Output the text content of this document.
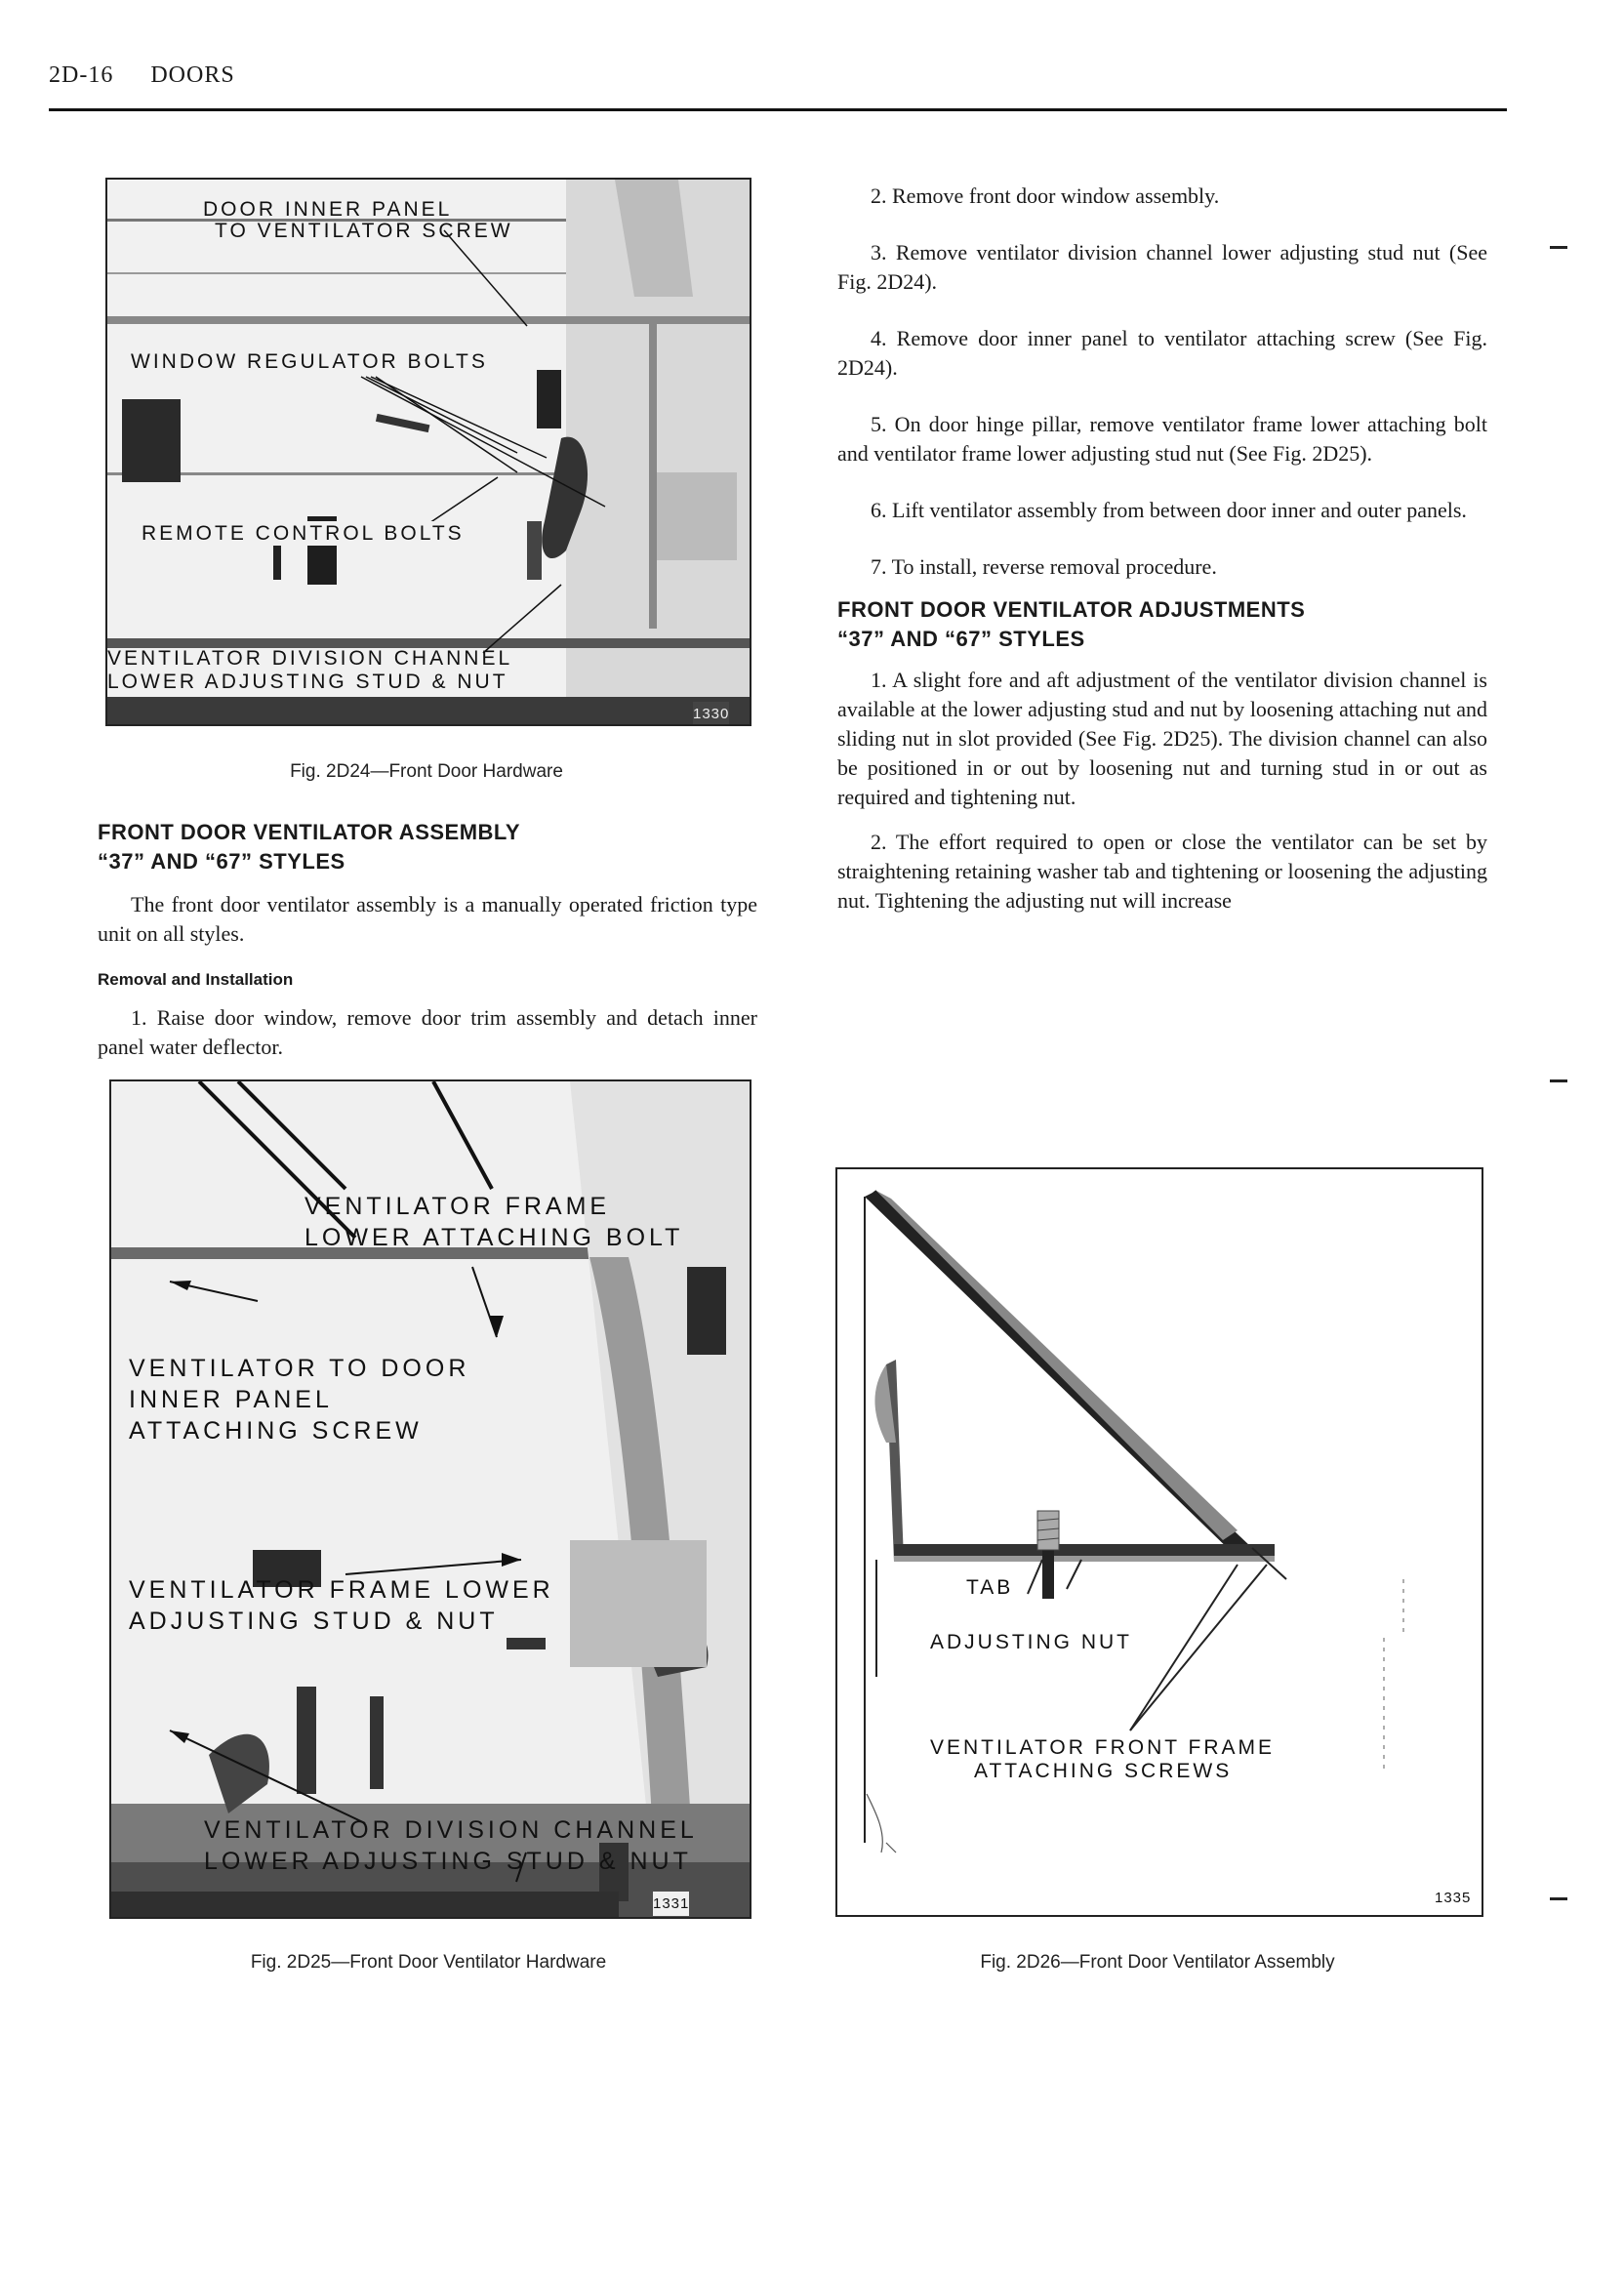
2D-16 DOORS
DOOR INNER PANEL
TO VENTILATOR SCREW
WINDOW REGULATOR BOLTS
REMOTE CONTROL BOLTS
VENTILATOR DIVISION CHANNEL
LOWER ADJUSTING STUD & NUT
1330
Fig. 2D24—Front Door Hardware
FRONT DOOR VENTILATOR ASSEMBLY
“37” AND “67” STYLES
The front door ventilator assembly is a manually operated friction type unit on all styles.
Removal and Installation
1. Raise door window, remove door trim assembly and detach inner panel water deflector.
VENTILATOR FRAME
LOWER ATTACHING BOLT
VENTILATOR TO DOOR
INNER PANEL
ATTACHING SCREW
VENTILATOR FRAME LOWER
ADJUSTING STUD & NUT
VENTILATOR DIVISION CHANNEL
LOWER ADJUSTING STUD & NUT
1331
Fig. 2D25—Front Door Ventilator Hardware
2. Remove front door window assembly.
3. Remove ventilator division channel lower adjusting stud nut (See Fig. 2D24).
4. Remove door inner panel to ventilator attaching screw (See Fig. 2D24).
5. On door hinge pillar, remove ventilator frame lower attaching bolt and ventilator frame lower adjusting stud nut (See Fig. 2D25).
6. Lift ventilator assembly from between door inner and outer panels.
7. To install, reverse removal procedure.
FRONT DOOR VENTILATOR ADJUSTMENTS
“37” AND “67” STYLES
1. A slight fore and aft adjustment of the ventilator division channel is available at the lower adjusting stud and nut by loosening attaching nut and sliding nut in slot provided (See Fig. 2D25). The division channel can also be positioned in or out by loosening nut and turning stud in or out as required and tightening nut.
2. The effort required to open or close the ventilator can be set by straightening retaining washer tab and tightening or loosening the adjusting nut. Tightening the adjusting nut will increase
TAB
ADJUSTING NUT
VENTILATOR FRONT FRAME
ATTACHING SCREWS
1335
Fig. 2D26—Front Door Ventilator Assembly
